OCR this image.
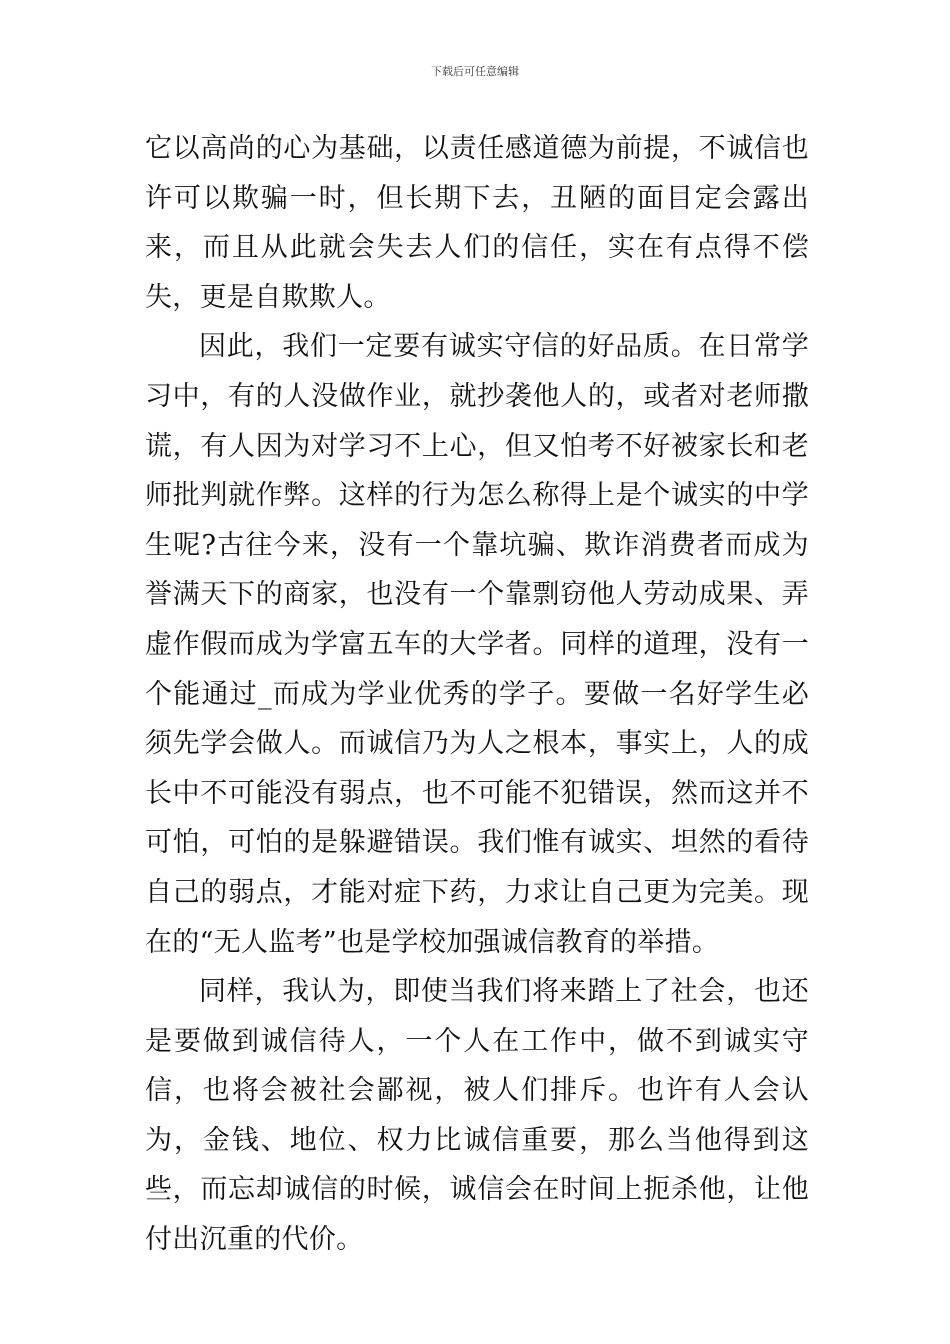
下载后可任意编辑

它以高尚的心为基础，以责任感道德为前提，不诚信也许可以欺骗一时，但长期下去，丑陋的面目定会露出来，而且从此就会失去人们的信任，实在有点得不偿失，更是自欺欺人。

因此，我们一定要有诚实守信的好品质。在日常学习中，有的人没做作业，就抄袭他人的，或者对老师撒谎，有人因为对学习不上心，但又怕考不好被家长和老师批判就作弊。这样的行为怎么称得上是个诚实的中学生呢?古往今来，没有一个靠坑骗、欺诈消费者而成为誉满天下的商家，也没有一个靠剽窃他人劳动成果、弄虚作假而成为学富五车的大学者。同样的道理，没有一个能通过_而成为学业优秀的学子。要做一名好学生必须先学会做人。而诚信乃为人之根本，事实上，人的成长中不可能没有弱点，也不可能不犯错误，然而这并不可怕，可怕的是躲避错误。我们惟有诚实、坦然的看待自己的弱点，才能对症下药，力求让自己更为完美。现在的“无人监考”也是学校加强诚信教育的举措。

同样，我认为，即使当我们将来踏上了社会，也还是要做到诚信待人，一个人在工作中，做不到诚实守信，也将会被社会鄙视，被人们排斥。也许有人会认为，金钱、地位、权力比诚信重要，那么当他得到这些，而忘却诚信的时候，诚信会在时间上扼杀他，让他付出沉重的代价。
